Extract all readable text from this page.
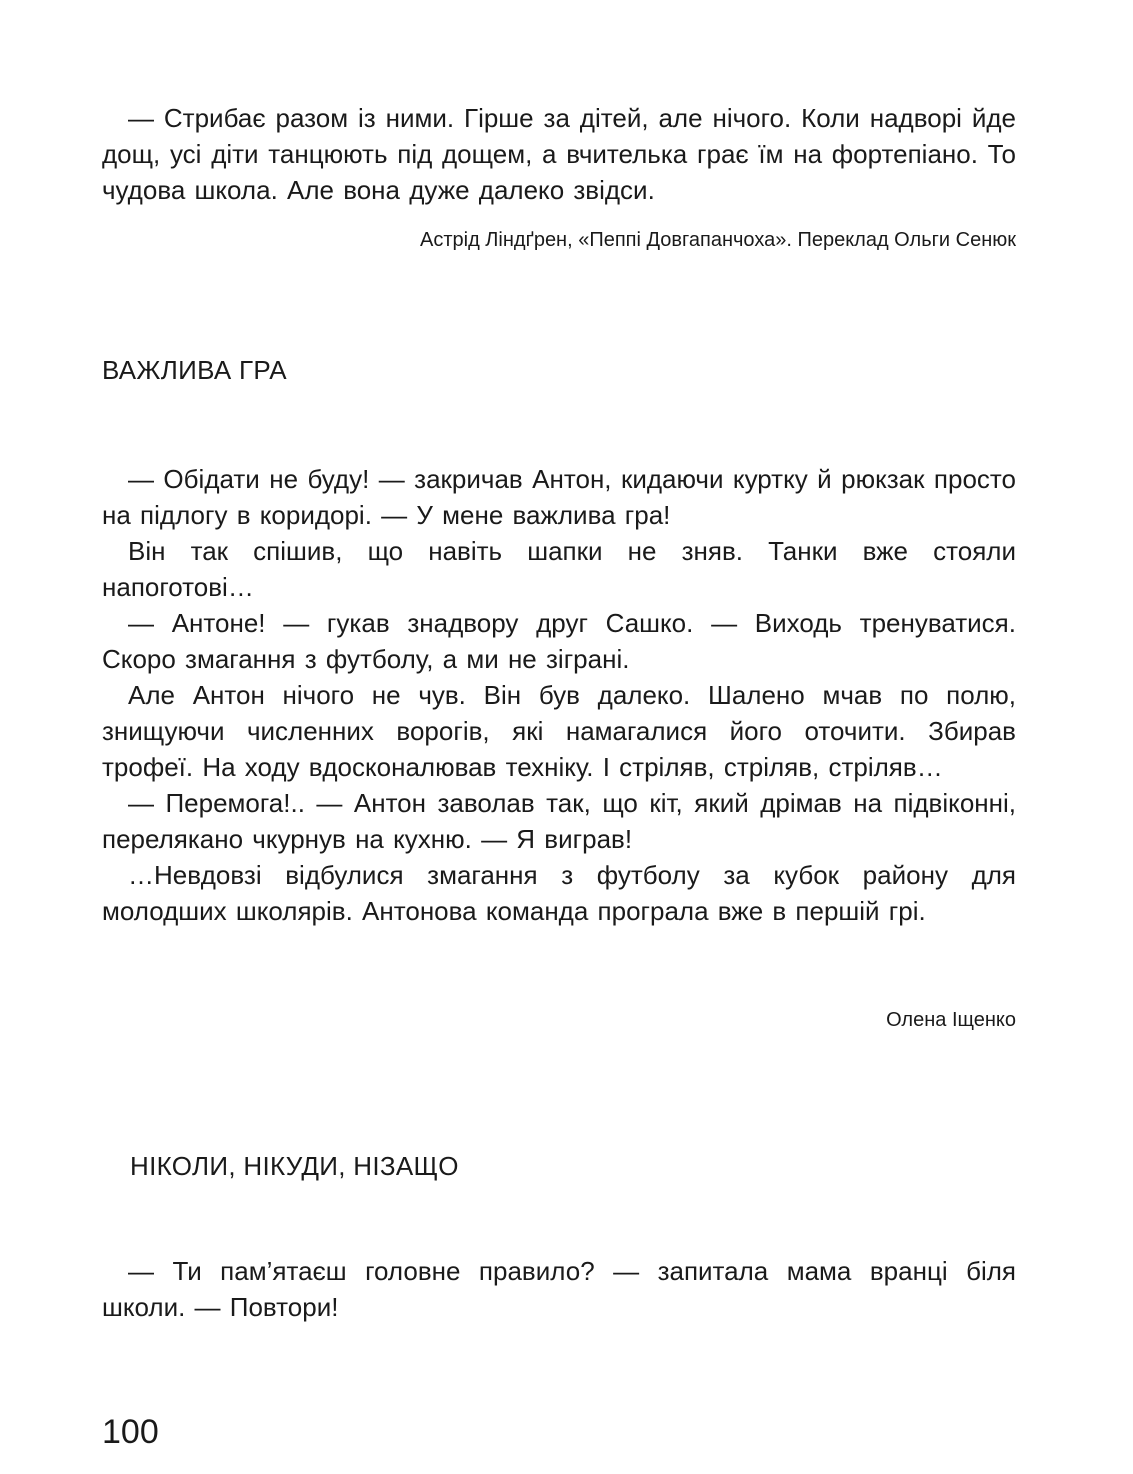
— Стрибає разом із ними. Гірше за дітей, але нічого. Коли надворі йде дощ, усі діти танцюють під дощем, а вчителька грає їм на фортепіано. То чудова школа. Але вона дуже далеко звідси.

Астрід Ліндґрен, «Пеппі Довгапанчоха». Переклад Ольги Сенюк

ВАЖЛИВА ГРА

— Обідати не буду! — закричав Антон, кидаючи куртку й рюкзак просто на підлогу в коридорі. — У мене важлива гра!

Він так спішив, що навіть шапки не зняв. Танки вже стояли напоготові…

— Антоне! — гукав знадвору друг Сашко. — Виходь тренуватися. Скоро змагання з футболу, а ми не зіграні.

Але Антон нічого не чув. Він був далеко. Шалено мчав по полю, знищуючи численних ворогів, які намагалися його оточити. Збирав трофеї. На ходу вдосконалював техніку. І стріляв, стріляв, стріляв…

— Перемога!.. — Антон заволав так, що кіт, який дрімав на підвіконні, перелякано чкурнув на кухню. — Я виграв!

…Невдовзі відбулися змагання з футболу за кубок району для молодших школярів. Антонова команда програла вже в першій грі.

Олена Іщенко

НІКОЛИ, НІКУДИ, НІЗАЩО

— Ти пам’ятаєш головне правило? — запитала мама вранці біля школи. — Повтори!

100
